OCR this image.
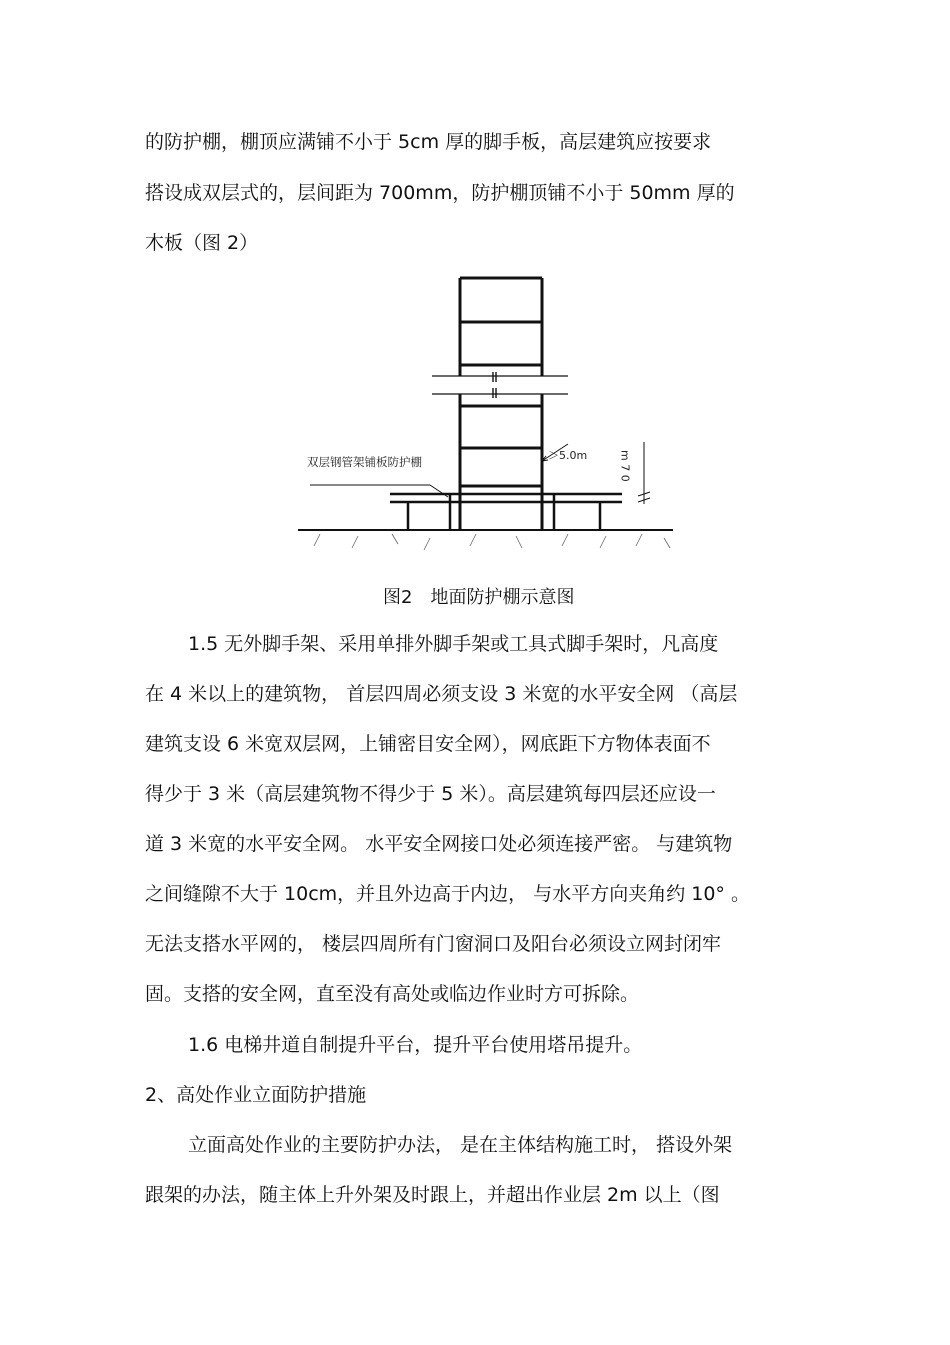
的防护棚，棚顶应满铺不小于 5cm 厚的脚手板，高层建筑应按要求
搭设成双层式的，层间距为 700mm，防护棚顶铺不小于 50mm 厚的
木板（图 2）
双层钢管架铺板防护棚	＞5.0m	m 7 0
图2　地面防护棚示意图
1.5 无外脚手架、采用单排外脚手架或工具式脚手架时，凡高度
在 4 米以上的建筑物， 首层四周必须支设 3 米宽的水平安全网 （高层
建筑支设 6 米宽双层网，上铺密目安全网），网底距下方物体表面不
得少于 3 米（高层建筑物不得少于 5 米）。高层建筑每四层还应设一
道 3 米宽的水平安全网。 水平安全网接口处必须连接严密。 与建筑物
之间缝隙不大于 10cm，并且外边高于内边， 与水平方向夹角约 10° 。
无法支搭水平网的， 楼层四周所有门窗洞口及阳台必须设立网封闭牢
固。支搭的安全网，直至没有高处或临边作业时方可拆除。
1.6 电梯井道自制提升平台，提升平台使用塔吊提升。
2、高处作业立面防护措施
立面高处作业的主要防护办法， 是在主体结构施工时， 搭设外架
跟架的办法，随主体上升外架及时跟上，并超出作业层 2m 以上（图
